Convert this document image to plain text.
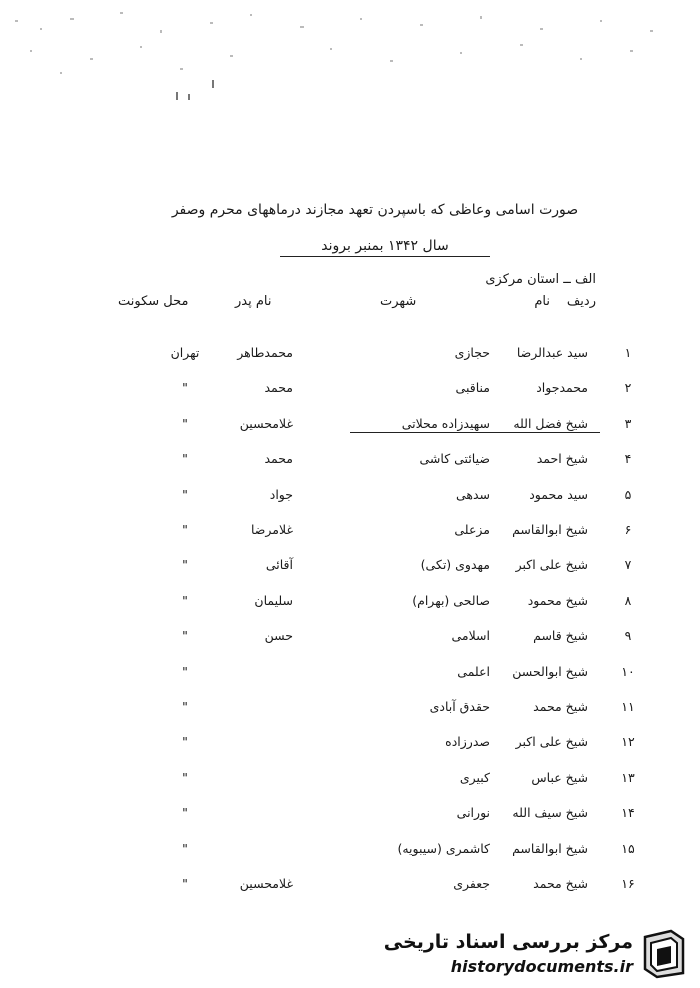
صورت اسامی وعاظی که باسپردن تعهد مجازند درماههای محرم وصفر
سال ۱۳۴۲ بمنبر بروند
الف ــ استان مرکزی
ردیف
نام
شهرت
نام پدر
محل سکونت
۱
سید عبدالرضا
حجازی
محمدطاهر
تهران
۲
محمدجواد
مناقبی
محمد
"
۳
شیخ فضل الله
سهیدزاده محلاتی
غلامحسین
"
۴
شیخ احمد
ضیائتی کاشی
محمد
"
۵
سید محمود
سدهی
جواد
"
۶
شیخ ابوالقاسم
مزعلی
غلامرضا
"
۷
شیخ علی اکبر
مهدوی (تکی)
آقائی
"
۸
شیخ محمود
صالحی (بهرام)
سلیمان
"
۹
شیخ قاسم
اسلامی
حسن
"
۱۰
شیخ ابوالحسن
اعلمی
"
۱۱
شیخ محمد
حقدق آبادی
"
۱۲
شیخ علی اکبر
صدرزاده
"
۱۳
شیخ عباس
کبیری
"
۱۴
شیخ سیف الله
نورانی
"
۱۵
شیخ ابوالقاسم
کاشمری (سیبویه)
"
۱۶
شیخ محمد
جعفری
غلامحسین
"
مرکز بررسی اسناد تاریخی
historydocuments.ir
